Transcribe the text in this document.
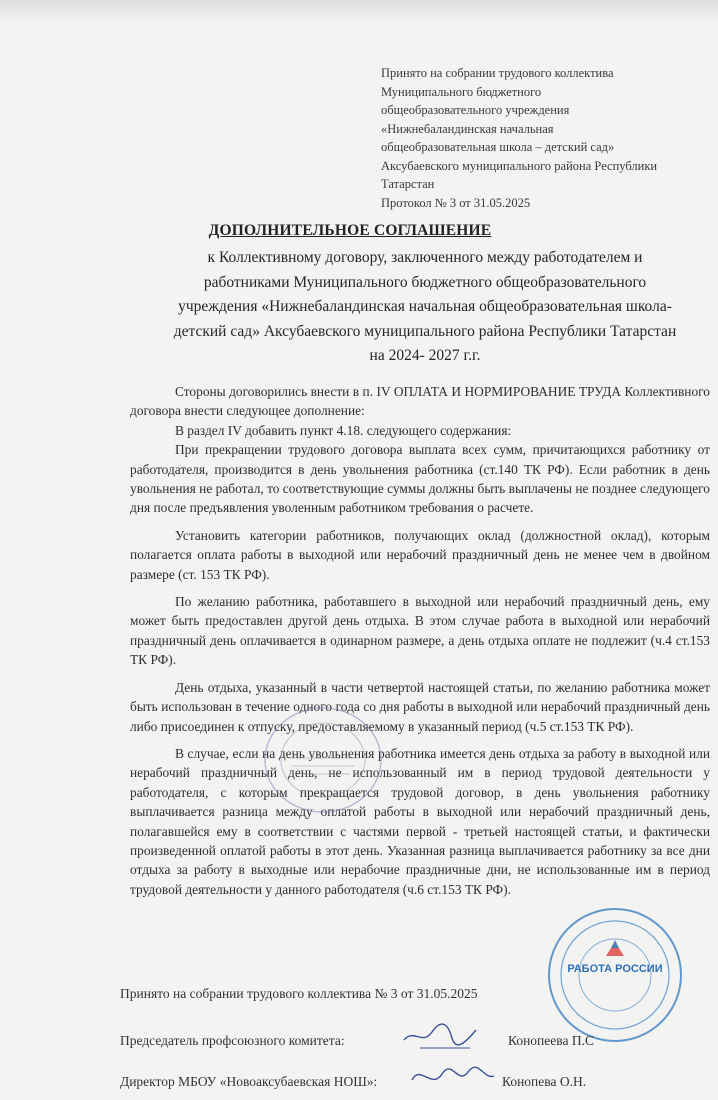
Принято на собрании трудового коллектива
Муниципального бюджетного
общеобразовательного учреждения
«Нижнебаландинская начальная
общеобразовательная школа – детский сад»
Аксубаевского муниципального района Республики
Татарстан
Протокол № 3 от 31.05.2025
ДОПОЛНИТЕЛЬНОЕ СОГЛАШЕНИЕ
к Коллективному договору, заключенного между работодателем и
работниками Муниципального бюджетного общеобразовательного
учреждения «Нижнебаландинская начальная общеобразовательная школа-
детский сад» Аксубаевского муниципального района Республики Татарстан
на 2024- 2027 г.г.

Стороны договорились внести в п. IV ОПЛАТА И НОРМИРОВАНИЕ ТРУДА Коллективного договора внести следующее дополнение:

В раздел IV добавить пункт 4.18. следующего содержания:

При прекращении трудового договора выплата всех сумм, причитающихся работнику от работодателя, производится в день увольнения работника (ст.140 ТК РФ). Если работник в день увольнения не работал, то соответствующие суммы должны быть выплачены не позднее следующего дня после предъявления уволенным работником требования о расчете.

Установить категории работников, получающих оклад (должностной оклад), которым полагается оплата работы в выходной или нерабочий праздничный день не менее чем в двойном размере (ст. 153 ТК РФ).

По желанию работника, работавшего в выходной или нерабочий праздничный день, ему может быть предоставлен другой день отдыха. В этом случае работа в выходной или нерабочий праздничный день оплачивается в одинарном размере, а день отдыха оплате не подлежит (ч.4 ст.153 ТК РФ).

День отдыха, указанный в части четвертой настоящей статьи, по желанию работника может быть использован в течение одного года со дня работы в выходной или нерабочий праздничный день либо присоединен к отпуску, предоставляемому в указанный период (ч.5 ст.153 ТК РФ).

В случае, если на день увольнения работника имеется день отдыха за работу в выходной или нерабочий праздничный день, не использованный им в период трудовой деятельности у работодателя, с которым прекращается трудовой договор, в день увольнения работнику выплачивается разница между оплатой работы в выходной или нерабочий праздничный день, полагавшейся ему в соответствии с частями первой - третьей настоящей статьи, и фактически произведенной оплатой работы в этот день. Указанная разница выплачивается работнику за все дни отдыха за работу в выходные или нерабочие праздничные дни, не использованные им в период трудовой деятельности у данного работодателя (ч.6 ст.153 ТК РФ).

РАБОТА РОССИИ
Принято на собрании трудового коллектива № 3 от 31.05.2025
Председатель профсоюзного комитета:	Конопеева П.С
Директор МБОУ «Новоаксубаевская НОШ»:	Конопева О.Н.
